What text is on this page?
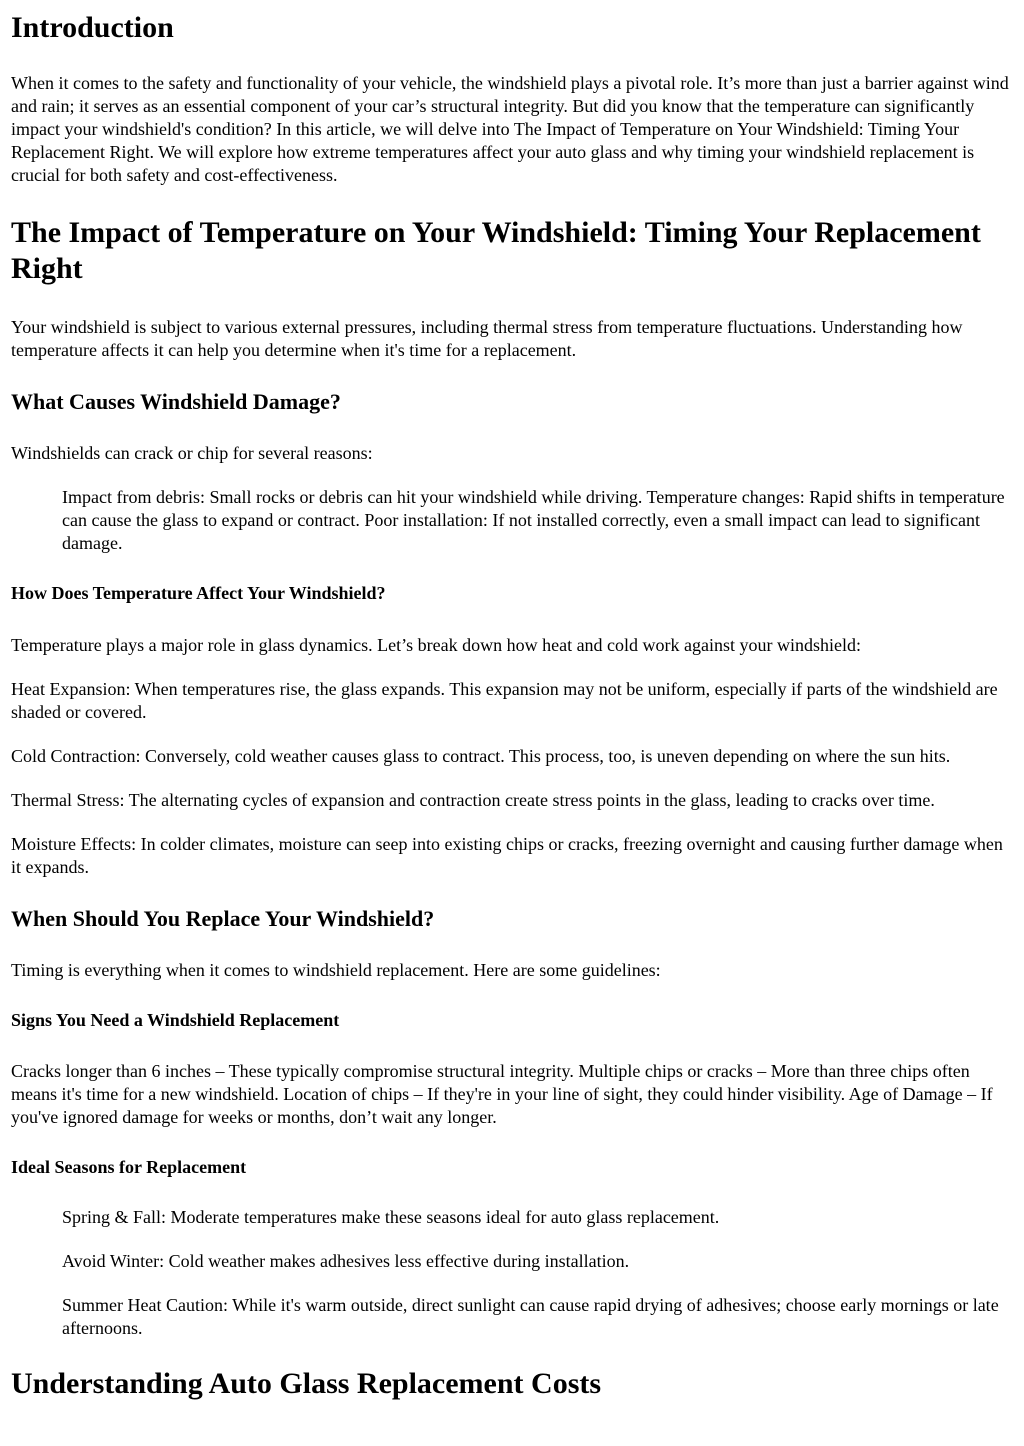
Introduction

When it comes to the safety and functionality of your vehicle, the windshield plays a pivotal role. It’s more than just a barrier against wind and rain; it serves as an essential component of your car’s structural integrity. But did you know that the temperature can significantly impact your windshield's condition? In this article, we will delve into The Impact of Temperature on Your Windshield: Timing Your Replacement Right. We will explore how extreme temperatures affect your auto glass and why timing your windshield replacement is crucial for both safety and cost-effectiveness.

The Impact of Temperature on Your Windshield: Timing Your Replacement Right

Your windshield is subject to various external pressures, including thermal stress from temperature fluctuations. Understanding how temperature affects it can help you determine when it's time for a replacement.

What Causes Windshield Damage?

Windshields can crack or chip for several reasons:

Impact from debris: Small rocks or debris can hit your windshield while driving. Temperature changes: Rapid shifts in temperature can cause the glass to expand or contract. Poor installation: If not installed correctly, even a small impact can lead to significant damage.

How Does Temperature Affect Your Windshield?

Temperature plays a major role in glass dynamics. Let’s break down how heat and cold work against your windshield:

Heat Expansion: When temperatures rise, the glass expands. This expansion may not be uniform, especially if parts of the windshield are shaded or covered.

Cold Contraction: Conversely, cold weather causes glass to contract. This process, too, is uneven depending on where the sun hits.

Thermal Stress: The alternating cycles of expansion and contraction create stress points in the glass, leading to cracks over time.

Moisture Effects: In colder climates, moisture can seep into existing chips or cracks, freezing overnight and causing further damage when it expands.

When Should You Replace Your Windshield?

Timing is everything when it comes to windshield replacement. Here are some guidelines:

Signs You Need a Windshield Replacement

Cracks longer than 6 inches – These typically compromise structural integrity. Multiple chips or cracks – More than three chips often means it's time for a new windshield. Location of chips – If they're in your line of sight, they could hinder visibility. Age of Damage – If you've ignored damage for weeks or months, don’t wait any longer.

Ideal Seasons for Replacement

Spring & Fall: Moderate temperatures make these seasons ideal for auto glass replacement.

Avoid Winter: Cold weather makes adhesives less effective during installation.

Summer Heat Caution: While it's warm outside, direct sunlight can cause rapid drying of adhesives; choose early mornings or late afternoons.

Understanding Auto Glass Replacement Costs
